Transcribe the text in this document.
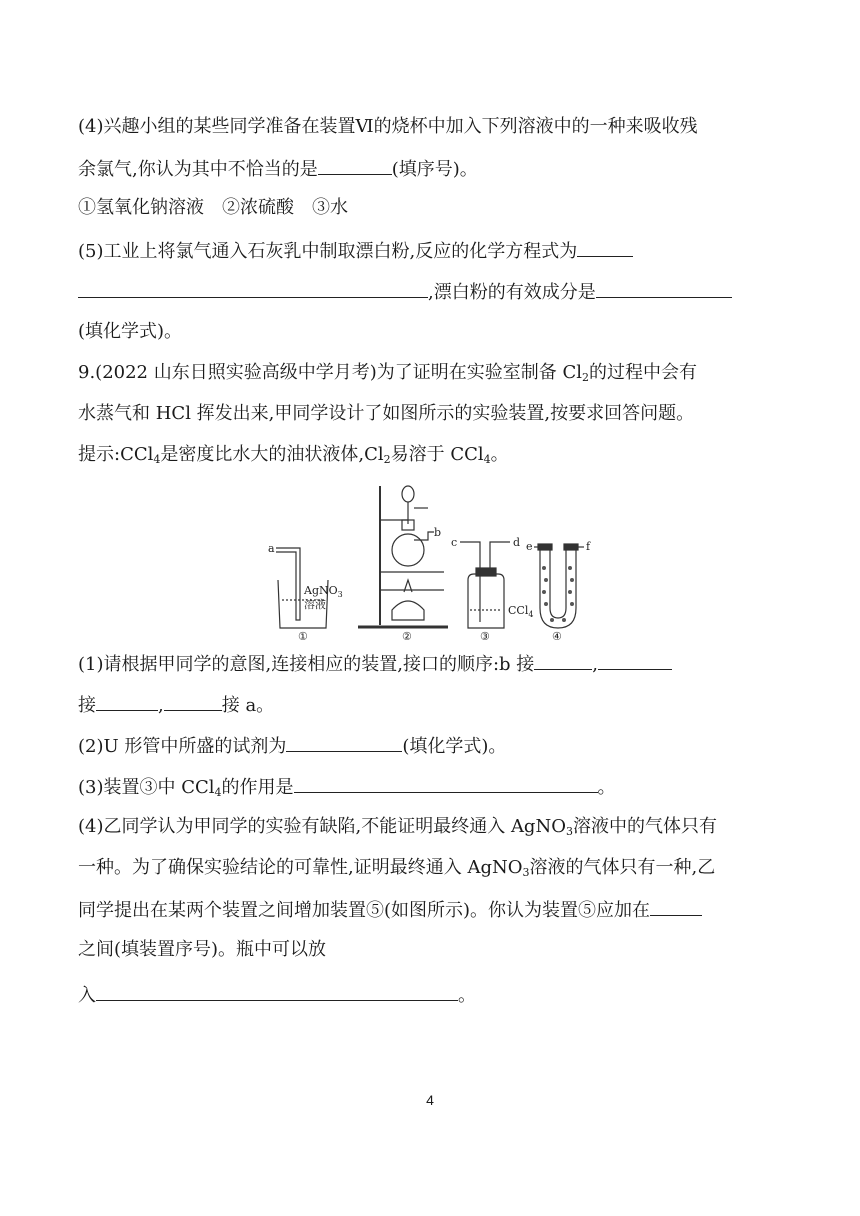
(4)兴趣小组的某些同学准备在装置Ⅵ的烧杯中加入下列溶液中的一种来吸收残
余氯气,你认为其中不恰当的是	(填序号)。
①氢氧化钠溶液　②浓硫酸　③水
(5)工业上将氯气通入石灰乳中制取漂白粉,反应的化学方程式为
,漂白粉的有效成分是
(填化学式)。
9.(2022 山东日照实验高级中学月考)为了证明在实验室制备 $Cl_2$的过程中会有
水蒸气和 HCl 挥发出来,甲同学设计了如图所示的实验装置,按要求回答问题。
提示:CCl$_4$是密度比水大的油状液体$,Cl_2$易溶于 CCl$_4$。
a
b
c	d e	f
AgNO$_3$
溶液	CCl$_4$
①	②	③	④
(1)请根据甲同学的意图,连接相应的装置,接口的顺序:b 接	,
接	,	接 a。
(2)U 形管中所盛的试剂为	(填化学式)。
(3)装置③中 CCl$_4$的作用是	。
(4)乙同学认为甲同学的实验有缺陷,不能证明最终通入 AgNO$_3$溶液中的气体只有
一种。为了确保实验结论的可靠性,证明最终通入 AgNO$_3$溶液的气体只有一种,乙
同学提出在某两个装置之间增加装置⑤(如图所示)。你认为装置⑤应加在
之间(填装置序号)。瓶中可以放
入	。
4
